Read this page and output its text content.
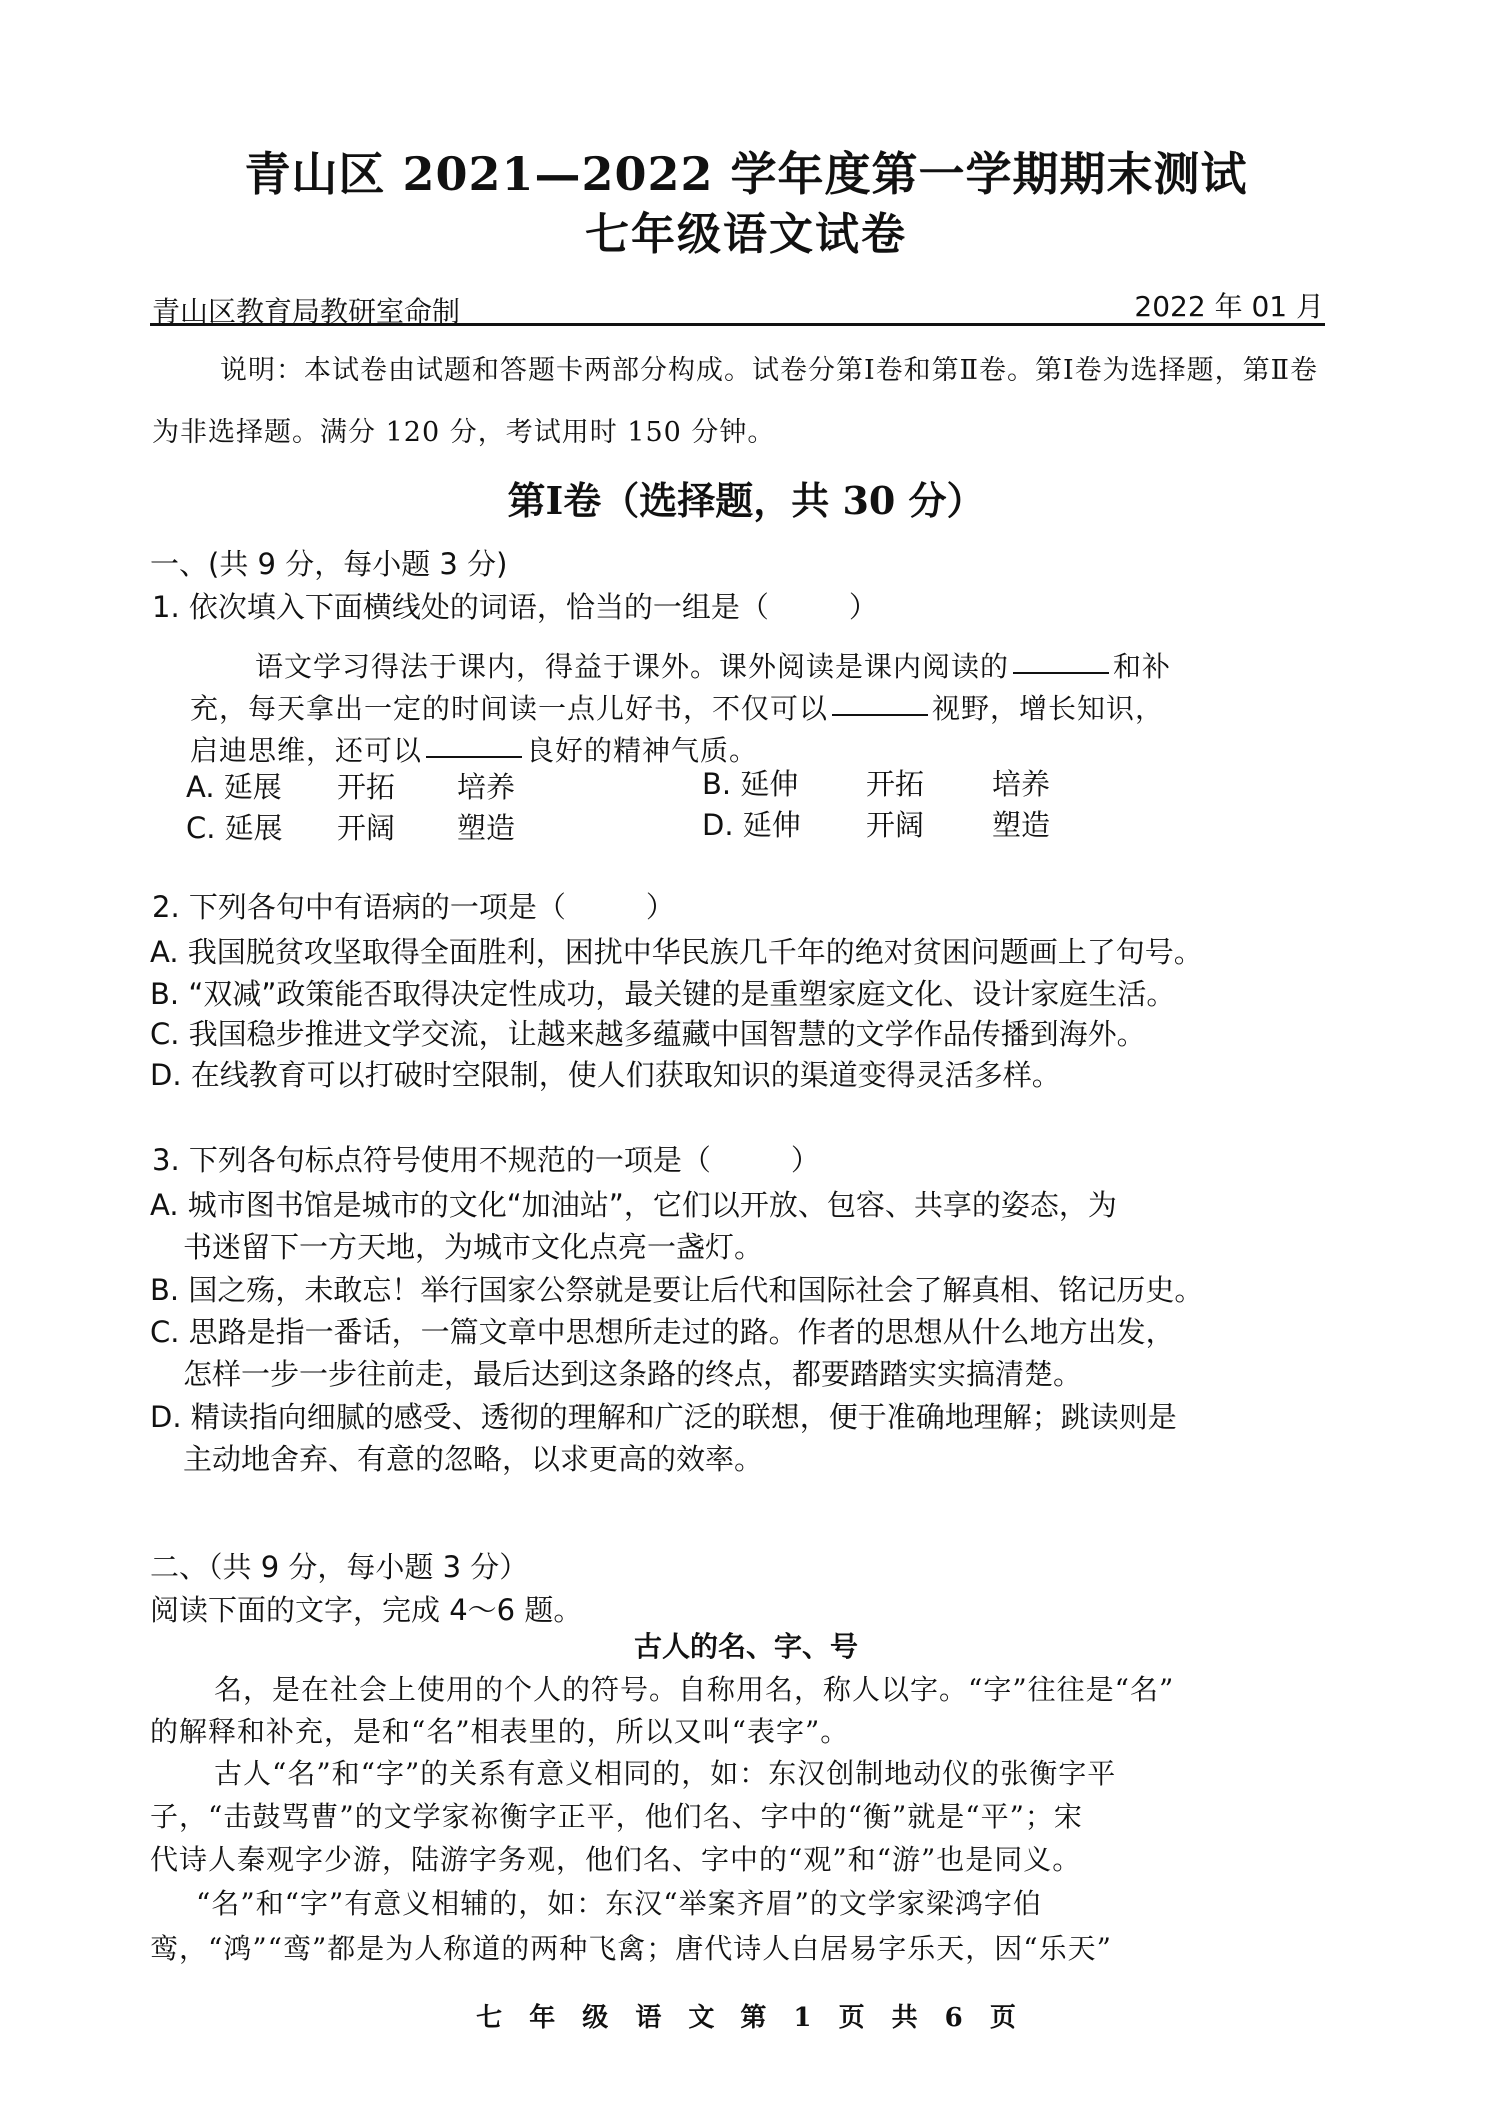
青山区 2021—2022 学年度第一学期期末测试
七年级语文试卷
青山区教育局教研室命制	2022 年 01 月
说明：本试卷由试题和答题卡两部分构成。试卷分第Ⅰ卷和第Ⅱ卷。第Ⅰ卷为选择题，第Ⅱ卷为非选择题。满分 120 分，考试用时 150 分钟。
第Ⅰ卷（选择题，共 30 分）
一、(共 9 分，每小题 3 分)
1. 依次填入下面横线处的词语，恰当的一组是（	）
语文学习得法于课内，得益于课外。课外阅读是课内阅读的	和补
充，每天拿出一定的时间读一点儿好书，不仅可以	视野，增长知识，
启迪思维，还可以	良好的精神气质。
A. 延展 开拓 培养	B. 延伸 开拓 培养
C. 延展 开阔 塑造	D. 延伸 开阔 塑造
2. 下列各句中有语病的一项是（	）
A. 我国脱贫攻坚取得全面胜利，困扰中华民族几千年的绝对贫困问题画上了句号。
B. “双减”政策能否取得决定性成功，最关键的是重塑家庭文化、设计家庭生活。
C. 我国稳步推进文学交流，让越来越多蕴藏中国智慧的文学作品传播到海外。
D. 在线教育可以打破时空限制，使人们获取知识的渠道变得灵活多样。
3. 下列各句标点符号使用不规范的一项是（	）
A. 城市图书馆是城市的文化“加油站”，它们以开放、包容、共享的姿态，为
书迷留下一方天地，为城市文化点亮一盏灯。
B. 国之殇，未敢忘！举行国家公祭就是要让后代和国际社会了解真相、铭记历史。
C. 思路是指一番话，一篇文章中思想所走过的路。作者的思想从什么地方出发，
怎样一步一步往前走，最后达到这条路的终点，都要踏踏实实搞清楚。
D. 精读指向细腻的感受、透彻的理解和广泛的联想，便于准确地理解；跳读则是
主动地舍弃、有意的忽略，以求更高的效率。
二、（共 9 分，每小题 3 分）
阅读下面的文字，完成 4～6 题。
古人的名、字、号
名，是在社会上使用的个人的符号。自称用名，称人以字。“字”往往是“名”
的解释和补充，是和“名”相表里的，所以又叫“表字”。
古人“名”和“字”的关系有意义相同的，如：东汉创制地动仪的张衡字平
子，“击鼓骂曹”的文学家祢衡字正平，他们名、字中的“衡”就是“平”；宋
代诗人秦观字少游，陆游字务观，他们名、字中的“观”和“游”也是同义。
“名”和“字”有意义相辅的，如：东汉“举案齐眉”的文学家梁鸿字伯
鸾，“鸿”“鸾”都是为人称道的两种飞禽；唐代诗人白居易字乐天，因“乐天”
七 年 级 语 文　第 1 页 共 6 页
